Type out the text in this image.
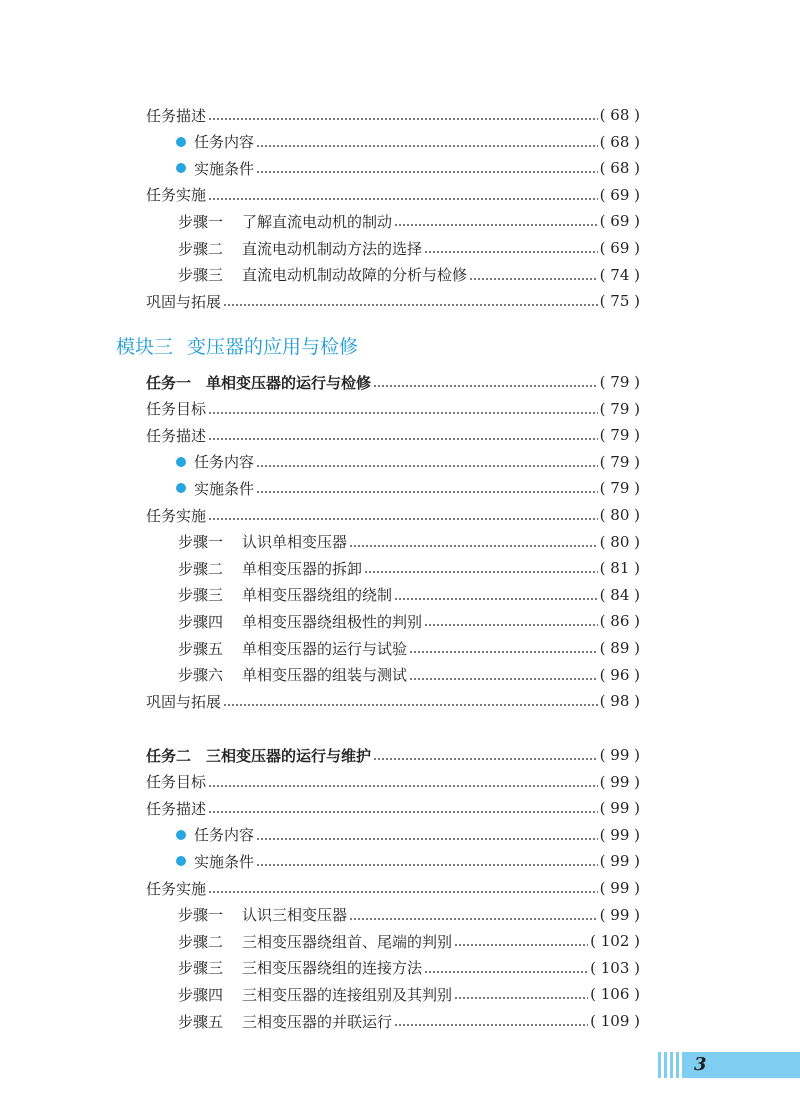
任务描述	( 68 )
任务内容	( 68 )
实施条件	( 68 )
任务实施	( 69 )
步骤一	了解直流电动机的制动	( 69 )
步骤二	直流电动机制动方法的选择	( 69 )
步骤三	直流电动机制动故障的分析与检修	( 74 )
巩固与拓展	( 75 )
模块三 变压器的应用与检修
任务一　单相变压器的运行与检修	( 79 )
任务目标	( 79 )
任务描述	( 79 )
任务内容	( 79 )
实施条件	( 79 )
任务实施	( 80 )
步骤一	认识单相变压器	( 80 )
步骤二	单相变压器的拆卸	( 81 )
步骤三	单相变压器绕组的绕制	( 84 )
步骤四	单相变压器绕组极性的判别	( 86 )
步骤五	单相变压器的运行与试验	( 89 )
步骤六	单相变压器的组装与测试	( 96 )
巩固与拓展	( 98 )
任务二　三相变压器的运行与维护	( 99 )
任务目标	( 99 )
任务描述	( 99 )
任务内容	( 99 )
实施条件	( 99 )
任务实施	( 99 )
步骤一	认识三相变压器	( 99 )
步骤二	三相变压器绕组首、尾端的判别	( 102 )
步骤三	三相变压器绕组的连接方法	( 103 )
步骤四	三相变压器的连接组别及其判别	( 106 )
步骤五	三相变压器的并联运行	( 109 )
3
